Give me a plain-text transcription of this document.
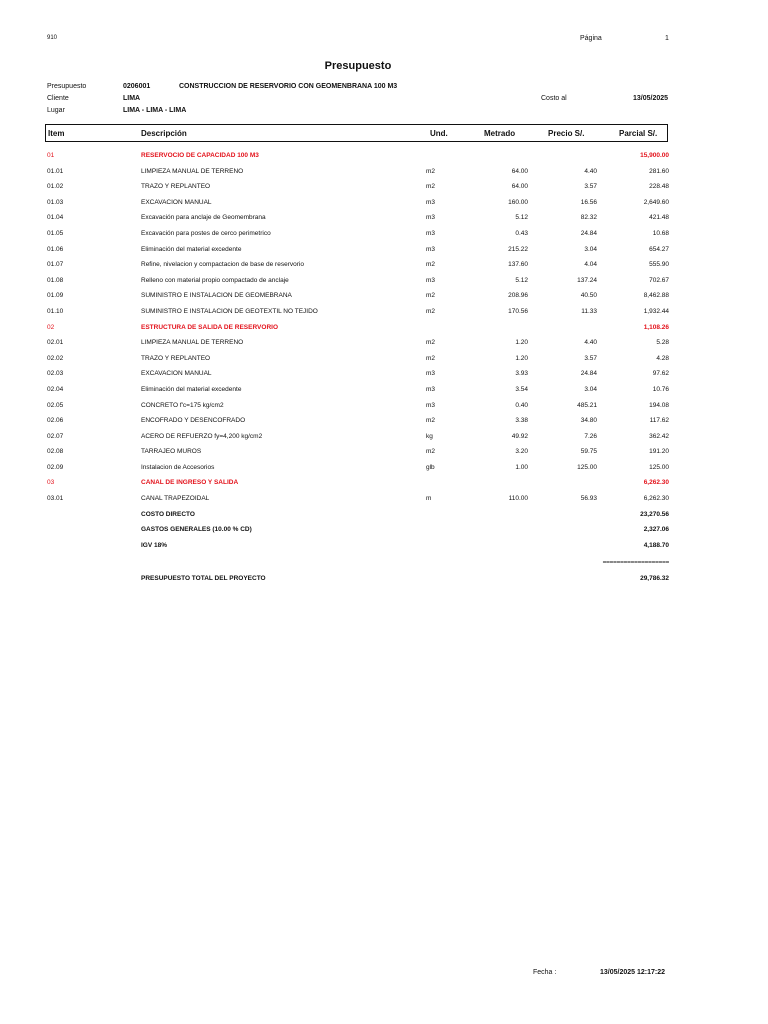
910	Página	1
Presupuesto
Presupuesto	0206001	CONSTRUCCION DE RESERVORIO CON GEOMENBRANA 100 M3
Cliente	LIMA	Costo al	13/05/2025
Lugar	LIMA - LIMA - LIMA
Item	Descripción	Und.	Metrado	Precio S/.	Parcial S/.
01	RESERVOCIO DE CAPACIDAD 100 M3	15,900.00
01.01	LIMPIEZA MANUAL DE TERRENO	m2	64.00	4.40	281.60
01.02	TRAZO Y REPLANTEO	m2	64.00	3.57	228.48
01.03	EXCAVACION MANUAL	m3	160.00	16.56	2,649.60
01.04	Excavación para anclaje de Geomembrana	m3	5.12	82.32	421.48
01.05	Excavación para postes de cerco perimetrico	m3	0.43	24.84	10.68
01.06	Eliminación del material excedente	m3	215.22	3.04	654.27
01.07	Refine, nivelacion y compactacion de base de reservorio	m2	137.60	4.04	555.90
01.08	Relleno con material propio compactado de anclaje	m3	5.12	137.24	702.67
01.09	SUMINISTRO E INSTALACION DE GEOMEBRANA	m2	208.96	40.50	8,462.88
01.10	SUMINISTRO E INSTALACION DE GEOTEXTIL NO TEJIDO	m2	170.56	11.33	1,932.44
02	ESTRUCTURA DE SALIDA DE RESERVORIO	1,108.26
02.01	LIMPIEZA MANUAL DE TERRENO	m2	1.20	4.40	5.28
02.02	TRAZO Y REPLANTEO	m2	1.20	3.57	4.28
02.03	EXCAVACION MANUAL	m3	3.93	24.84	97.62
02.04	Eliminación del material excedente	m3	3.54	3.04	10.76
02.05	CONCRETO f'c=175 kg/cm2	m3	0.40	485.21	194.08
02.06	ENCOFRADO Y DESENCOFRADO	m2	3.38	34.80	117.62
02.07	ACERO DE REFUERZO fy=4,200 kg/cm2	kg	49.92	7.26	362.42
02.08	TARRAJEO MUROS	m2	3.20	59.75	191.20
02.09	Instalacion de Accesorios	glb	1.00	125.00	125.00
03	CANAL DE INGRESO Y SALIDA	6,262.30
03.01	CANAL TRAPEZOIDAL	m	110.00	56.93	6,262.30
COSTO DIRECTO	23,270.56
GASTOS GENERALES (10.00 % CD)	2,327.06
IGV 18%	4,188.70
===================
PRESUPUESTO TOTAL DEL PROYECTO	29,786.32
Fecha :	13/05/2025 12:17:22
